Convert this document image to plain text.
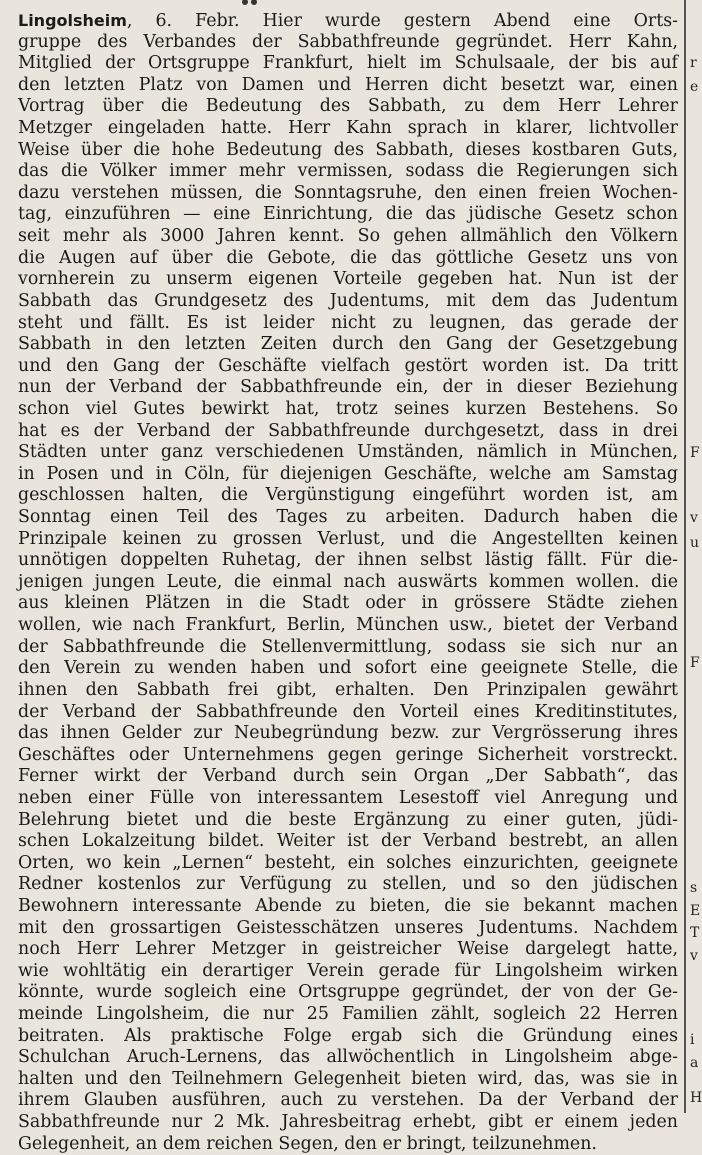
Lingolsheim, 6. Febr. Hier wurde gestern Abend eine Orts-
gruppe des Verbandes der Sabbathfreunde gegründet. Herr Kahn,
Mitglied der Ortsgruppe Frankfurt, hielt im Schulsaale, der bis auf
den letzten Platz von Damen und Herren dicht besetzt war, einen
Vortrag über die Bedeutung des Sabbath, zu dem Herr Lehrer
Metzger eingeladen hatte. Herr Kahn sprach in klarer, lichtvoller
Weise über die hohe Bedeutung des Sabbath, dieses kostbaren Guts,
das die Völker immer mehr vermissen, sodass die Regierungen sich
dazu verstehen müssen, die Sonntagsruhe, den einen freien Wochen-
tag, einzuführen — eine Einrichtung, die das jüdische Gesetz schon
seit mehr als 3000 Jahren kennt. So gehen allmählich den Völkern
die Augen auf über die Gebote, die das göttliche Gesetz uns von
vornherein zu unserm eigenen Vorteile gegeben hat. Nun ist der
Sabbath das Grundgesetz des Judentums, mit dem das Judentum
steht und fällt. Es ist leider nicht zu leugnen, das gerade der
Sabbath in den letzten Zeiten durch den Gang der Gesetzgebung
und den Gang der Geschäfte vielfach gestört worden ist. Da tritt
nun der Verband der Sabbathfreunde ein, der in dieser Beziehung
schon viel Gutes bewirkt hat, trotz seines kurzen Bestehens. So
hat es der Verband der Sabbathfreunde durchgesetzt, dass in drei
Städten unter ganz verschiedenen Umständen, nämlich in München,
in Posen und in Cöln, für diejenigen Geschäfte, welche am Samstag
geschlossen halten, die Vergünstigung eingeführt worden ist, am
Sonntag einen Teil des Tages zu arbeiten. Dadurch haben die
Prinzipale keinen zu grossen Verlust, und die Angestellten keinen
unnötigen doppelten Ruhetag, der ihnen selbst lästig fällt. Für die-
jenigen jungen Leute, die einmal nach auswärts kommen wollen. die
aus kleinen Plätzen in die Stadt oder in grössere Städte ziehen
wollen, wie nach Frankfurt, Berlin, München usw., bietet der Verband
der Sabbathfreunde die Stellenvermittlung, sodass sie sich nur an
den Verein zu wenden haben und sofort eine geeignete Stelle, die
ihnen den Sabbath frei gibt, erhalten. Den Prinzipalen gewährt
der Verband der Sabbathfreunde den Vorteil eines Kreditinstitutes,
das ihnen Gelder zur Neubegründung bezw. zur Vergrösserung ihres
Geschäftes oder Unternehmens gegen geringe Sicherheit vorstreckt.
Ferner wirkt der Verband durch sein Organ „Der Sabbath“, das
neben einer Fülle von interessantem Lesestoff viel Anregung und
Belehrung bietet und die beste Ergänzung zu einer guten, jüdi-
schen Lokalzeitung bildet. Weiter ist der Verband bestrebt, an allen
Orten, wo kein „Lernen“ besteht, ein solches einzurichten, geeignete
Redner kostenlos zur Verfügung zu stellen, und so den jüdischen
Bewohnern interessante Abende zu bieten, die sie bekannt machen
mit den grossartigen Geistesschätzen unseres Judentums. Nachdem
noch Herr Lehrer Metzger in geistreicher Weise dargelegt hatte,
wie wohltätig ein derartiger Verein gerade für Lingolsheim wirken
könnte, wurde sogleich eine Ortsgruppe gegründet, der von der Ge-
meinde Lingolsheim, die nur 25 Familien zählt, sogleich 22 Herren
beitraten. Als praktische Folge ergab sich die Gründung eines
Schulchan Aruch-Lernens, das allwöchentlich in Lingolsheim abge-
halten und den Teilnehmern Gelegenheit bieten wird, das, was sie in
ihrem Glauben ausführen, auch zu verstehen. Da der Verband der
Sabbathfreunde nur 2 Mk. Jahresbeitrag erhebt, gibt er einem jeden
Gelegenheit, an dem reichen Segen, den er bringt, teilzunehmen.
r
e
F
v
u
F
s
E
T
v
i
a
H
